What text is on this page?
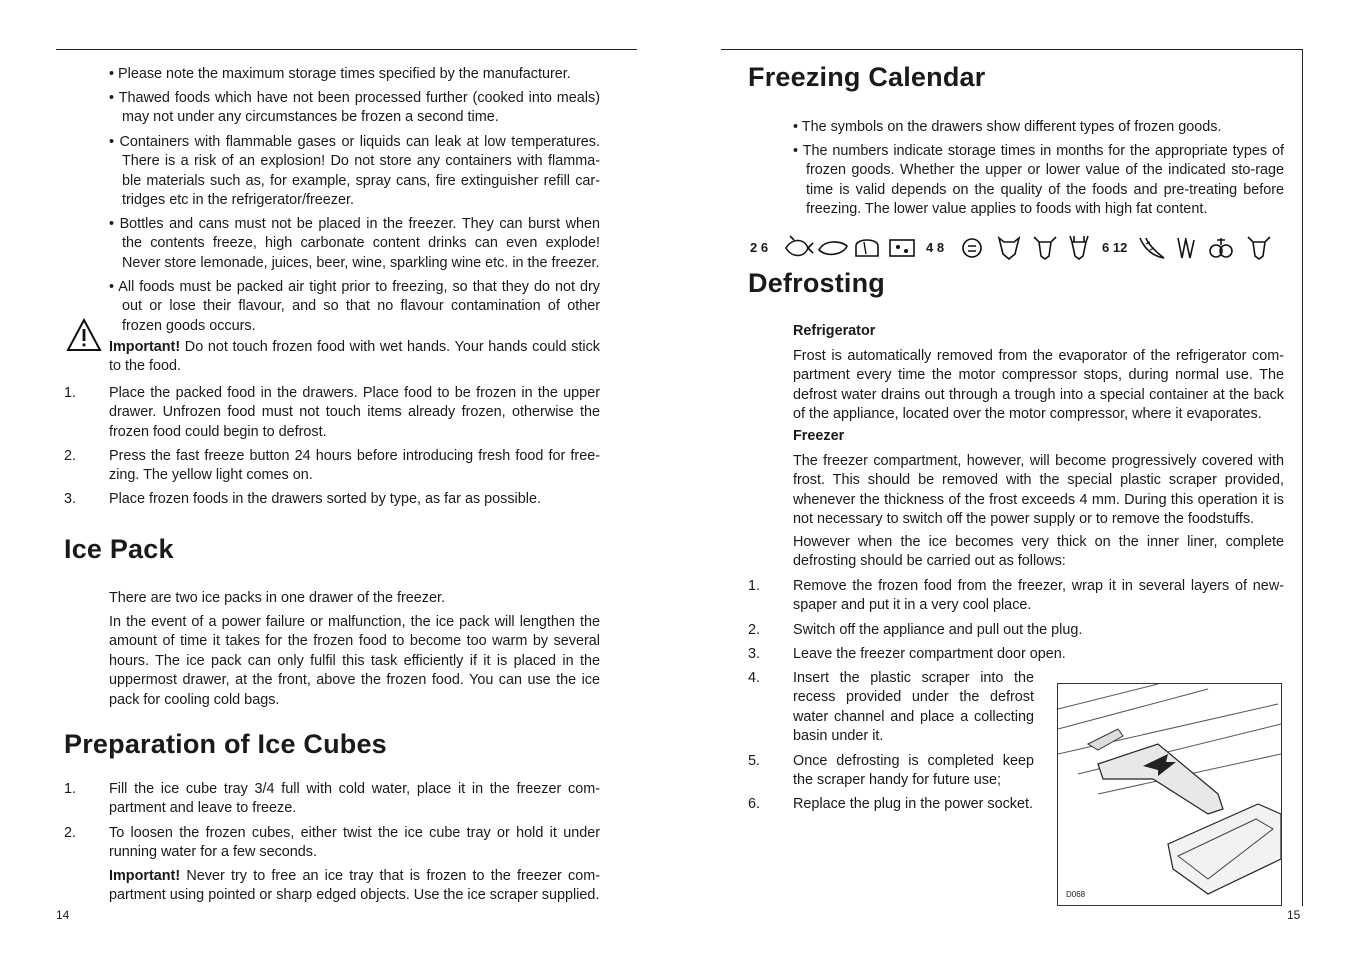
• Please note the maximum storage times specified by the manufacturer.

• Thawed foods which have not been processed further (cooked into meals) may not under any circumstances be frozen a second time.

• Containers with flammable gases or liquids can leak at low temperatures. There is a risk of an explosion! Do not store any containers with flamma-ble materials such as, for example, spray cans, fire extinguisher refill car-tridges etc in the refrigerator/freezer.

• Bottles and cans must not be placed in the freezer. They can burst when the contents freeze, high carbonate content drinks can even explode! Never store lemonade, juices, beer, wine, sparkling wine etc. in the freezer.

• All foods must be packed air tight prior to freezing, so that they do not dry out or lose their flavour, and so that no flavour contamination of other frozen goods occurs.

Important! Do not touch frozen food with wet hands. Your hands could stick to the food.

1. Place the packed food in the drawers. Place food to be frozen in the upper drawer. Unfrozen food must not touch items already frozen, otherwise the frozen food could begin to defrost.

2. Press the fast freeze button 24 hours before introducing fresh food for free-zing. The yellow light comes on.

3. Place frozen foods in the drawers sorted by type, as far as possible.

Ice Pack

There are two ice packs in one drawer of the freezer.

In the event of a power failure or malfunction, the ice pack will lengthen the amount of time it takes for the frozen food to become too warm by several hours. The ice pack can only fulfil this task efficiently if it is placed in the uppermost drawer, at the front, above the frozen food. You can use the ice pack for cooling cold bags.

Preparation of Ice Cubes
1. Fill the ice cube tray 3/4 full with cold water, place it in the freezer com-partment and leave to freeze.

2. To loosen the frozen cubes, either twist the ice cube tray or hold it under running water for a few seconds.

Important! Never try to free an ice tray that is frozen to the freezer com-partment using pointed or sharp edged objects. Use the ice scraper supplied.

14
Freezing Calendar

• The symbols on the drawers show different types of frozen goods.

• The numbers indicate storage times in months for the appropriate types of frozen goods. Whether the upper or lower value of the indicated sto-rage time is valid depends on the quality of the foods and pre-treating before freezing. The lower value applies to foods with high fat content.

2 6	4 8	6 12
Defrosting
Refrigerator

Frost is automatically removed from the evaporator of the refrigerator com-partment every time the motor compressor stops, during normal use. The defrost water drains out through a trough into a special container at the back of the appliance, located over the motor compressor, where it evaporates.

Freezer

The freezer compartment, however, will become progressively covered with frost. This should be removed with the special plastic scraper provided, whenever the thickness of the frost exceeds 4 mm. During this operation it is not necessary to switch off the power supply or to remove the foodstuffs.

However when the ice becomes very thick on the inner liner, complete defrosting should be carried out as follows:

1. Remove the frozen food from the freezer, wrap it in several layers of new-spaper and put it in a very cool place.

2. Switch off the appliance and pull out the plug.

3. Leave the freezer compartment door open.

4. Insert the plastic scraper into the recess provided under the defrost water channel and place a collecting basin under it.

5. Once defrosting is completed keep the scraper handy for future use;

6. Replace the plug in the power socket.

D068
15
